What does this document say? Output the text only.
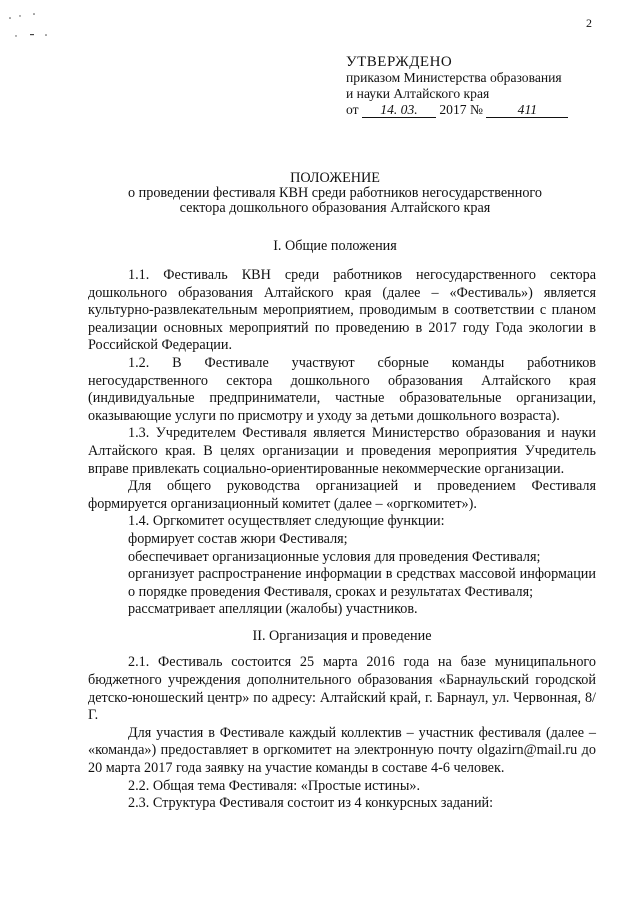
2
УТВЕРЖДЕНО
приказом Министерства образования
и науки Алтайского края
от 14. 03. 2017 №	411
ПОЛОЖЕНИЕ
о проведении фестиваля КВН среди работников негосударственного
сектора дошкольного образования Алтайского края
I. Общие положения

1.1. Фестиваль КВН среди работников негосударственного сектора дошкольного образования Алтайского края (далее – «Фестиваль») является культурно-развлекательным мероприятием, проводимым в соответствии с планом реализации основных мероприятий по проведению в 2017 году Года экологии в Российской Федерации.

1.2. В Фестивале участвуют сборные команды работников негосударственного сектора дошкольного образования Алтайского края (индивидуальные предприниматели, частные образовательные организации, оказывающие услуги по присмотру и уходу за детьми дошкольного возраста).

1.3. Учредителем Фестиваля является Министерство образования и науки Алтайского края. В целях организации и проведения мероприятия Учредитель вправе привлекать социально-ориентированные некоммерческие организации.

Для общего руководства организацией и проведением Фестиваля формируется организационный комитет (далее – «оргкомитет»).

1.4. Оргкомитет осуществляет следующие функции:

формирует состав жюри Фестиваля;

обеспечивает организационные условия для проведения Фестиваля;

организует распространение информации в средствах массовой информации о порядке проведения Фестиваля, сроках и результатах Фестиваля;

рассматривает апелляции (жалобы) участников.

II. Организация и проведение

2.1. Фестиваль состоится 25 марта 2016 года на базе муниципального бюджетного учреждения дополнительного образования «Барнаульский городской детско-юношеский центр» по адресу: Алтайский край, г. Барнаул, ул. Червонная, 8/Г.

Для участия в Фестивале каждый коллектив – участник фестиваля (далее – «команда») предоставляет в оргкомитет на электронную почту olgazirn@mail.ru до 20 марта 2017 года заявку на участие команды в составе 4-6 человек.

2.2. Общая тема Фестиваля: «Простые истины».

2.3. Структура Фестиваля состоит из 4 конкурсных заданий:
